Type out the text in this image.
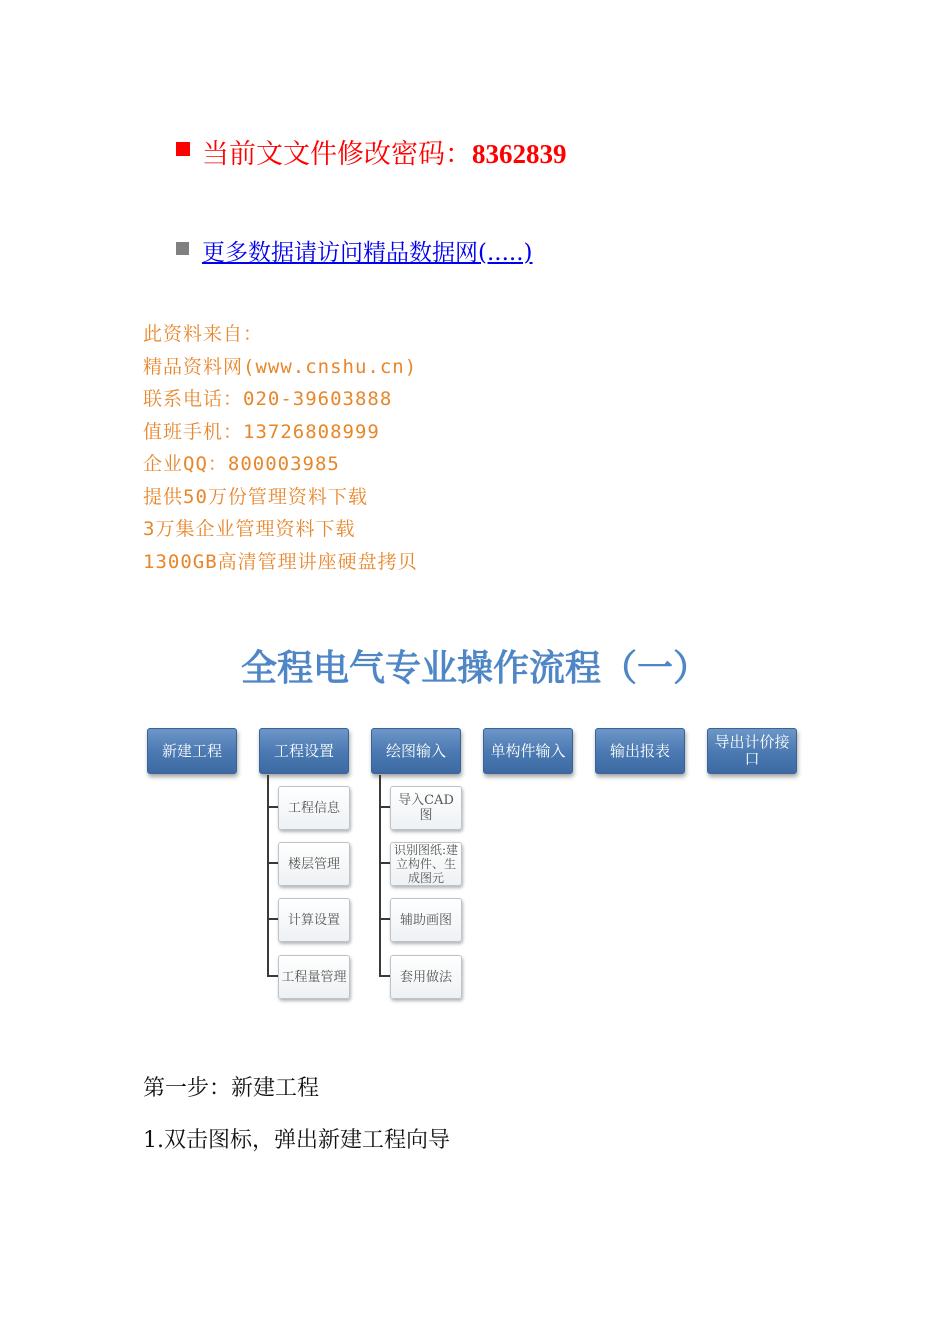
当前文文件修改密码：8362839
更多数据请访问精品数据网(.....)
此资料来自：
精品资料网(www.cnshu.cn)
联系电话：020-39603888
值班手机：13726808999
企业QQ：800003985
提供50万份管理资料下载
3万集企业管理资料下载
1300GB高清管理讲座硬盘拷贝
全程电气专业操作流程（一）
新建工程	工程设置	绘图输入	单构件输入	输出报表	导出计价接口
工程信息
楼层管理
计算设置
工程量管理
导入CAD图
识别图纸:建立构件、生成图元
辅助画图
套用做法
第一步：新建工程
1.双击图标，弹出新建工程向导
